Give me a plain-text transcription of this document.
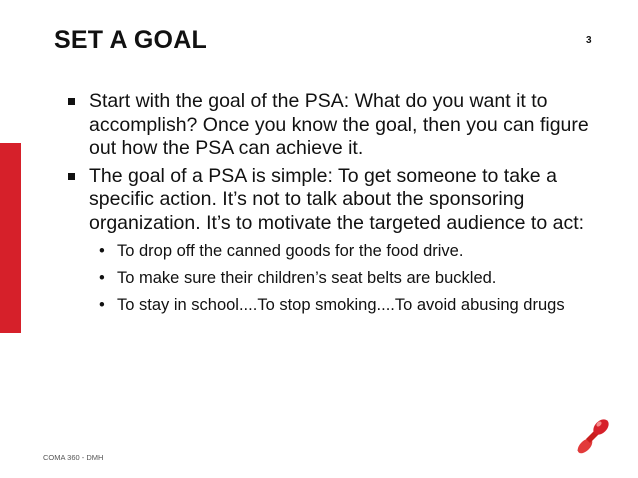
SET A GOAL	3
Start with the goal of the PSA: What do you want it to accomplish? Once you know the goal, then you can figure out how the PSA can achieve it.
The goal of a PSA is simple: To get someone to take a specific action. It’s not to talk about the sponsoring organization. It’s to motivate the targeted audience to act:
• To drop off the canned goods for the food drive.
• To make sure their children’s seat belts are buckled.
• To stay in school....To stop smoking....To avoid abusing drugs
COMA 360 - DMH
